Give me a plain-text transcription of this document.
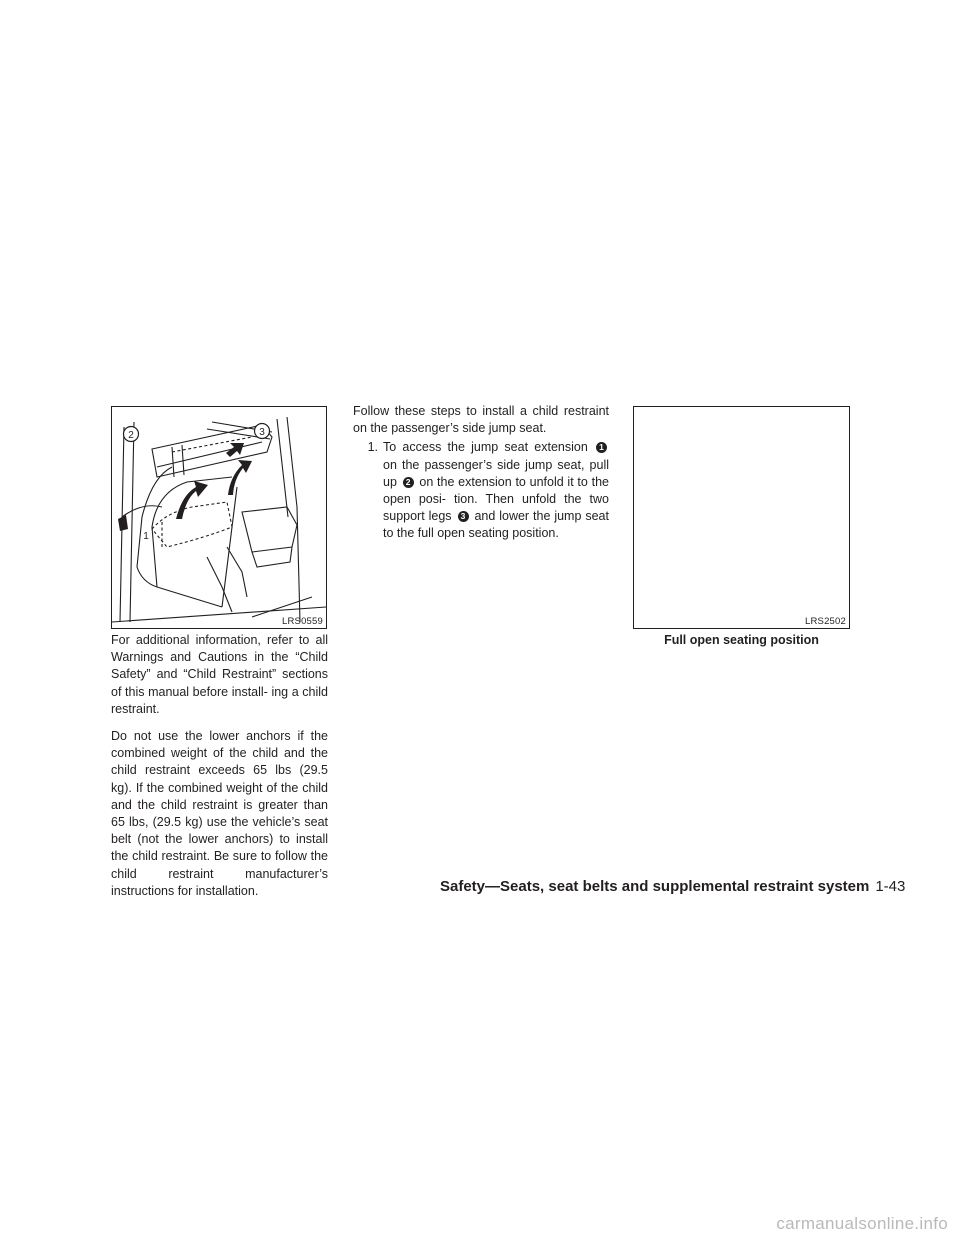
2	3
1
LRS0559	LRS2502
Full open seating position

For additional information, refer to all Warnings and Cautions in the “Child Safety” and “Child Restraint” sections of this manual before install- ing a child restraint.

Do not use the lower anchors if the combined weight of the child and the child restraint exceeds 65 lbs (29.5 kg). If the combined weight of the child and the child restraint is greater than 65 lbs, (29.5 kg) use the vehicle’s seat belt (not the lower anchors) to install the child restraint. Be sure to follow the child restraint manufacturer’s instructions for installation.

Follow these steps to install a child restraint on the passenger’s side jump seat.

1. To access the jump seat extension 1 on the passenger’s side jump seat, pull up 2 on the extension to unfold it to the open posi- tion. Then unfold the two support legs 3 and lower the jump seat to the full open seating position.
Safety—Seats, seat belts and supplemental restraint system 1-43
carmanualsonline.info
